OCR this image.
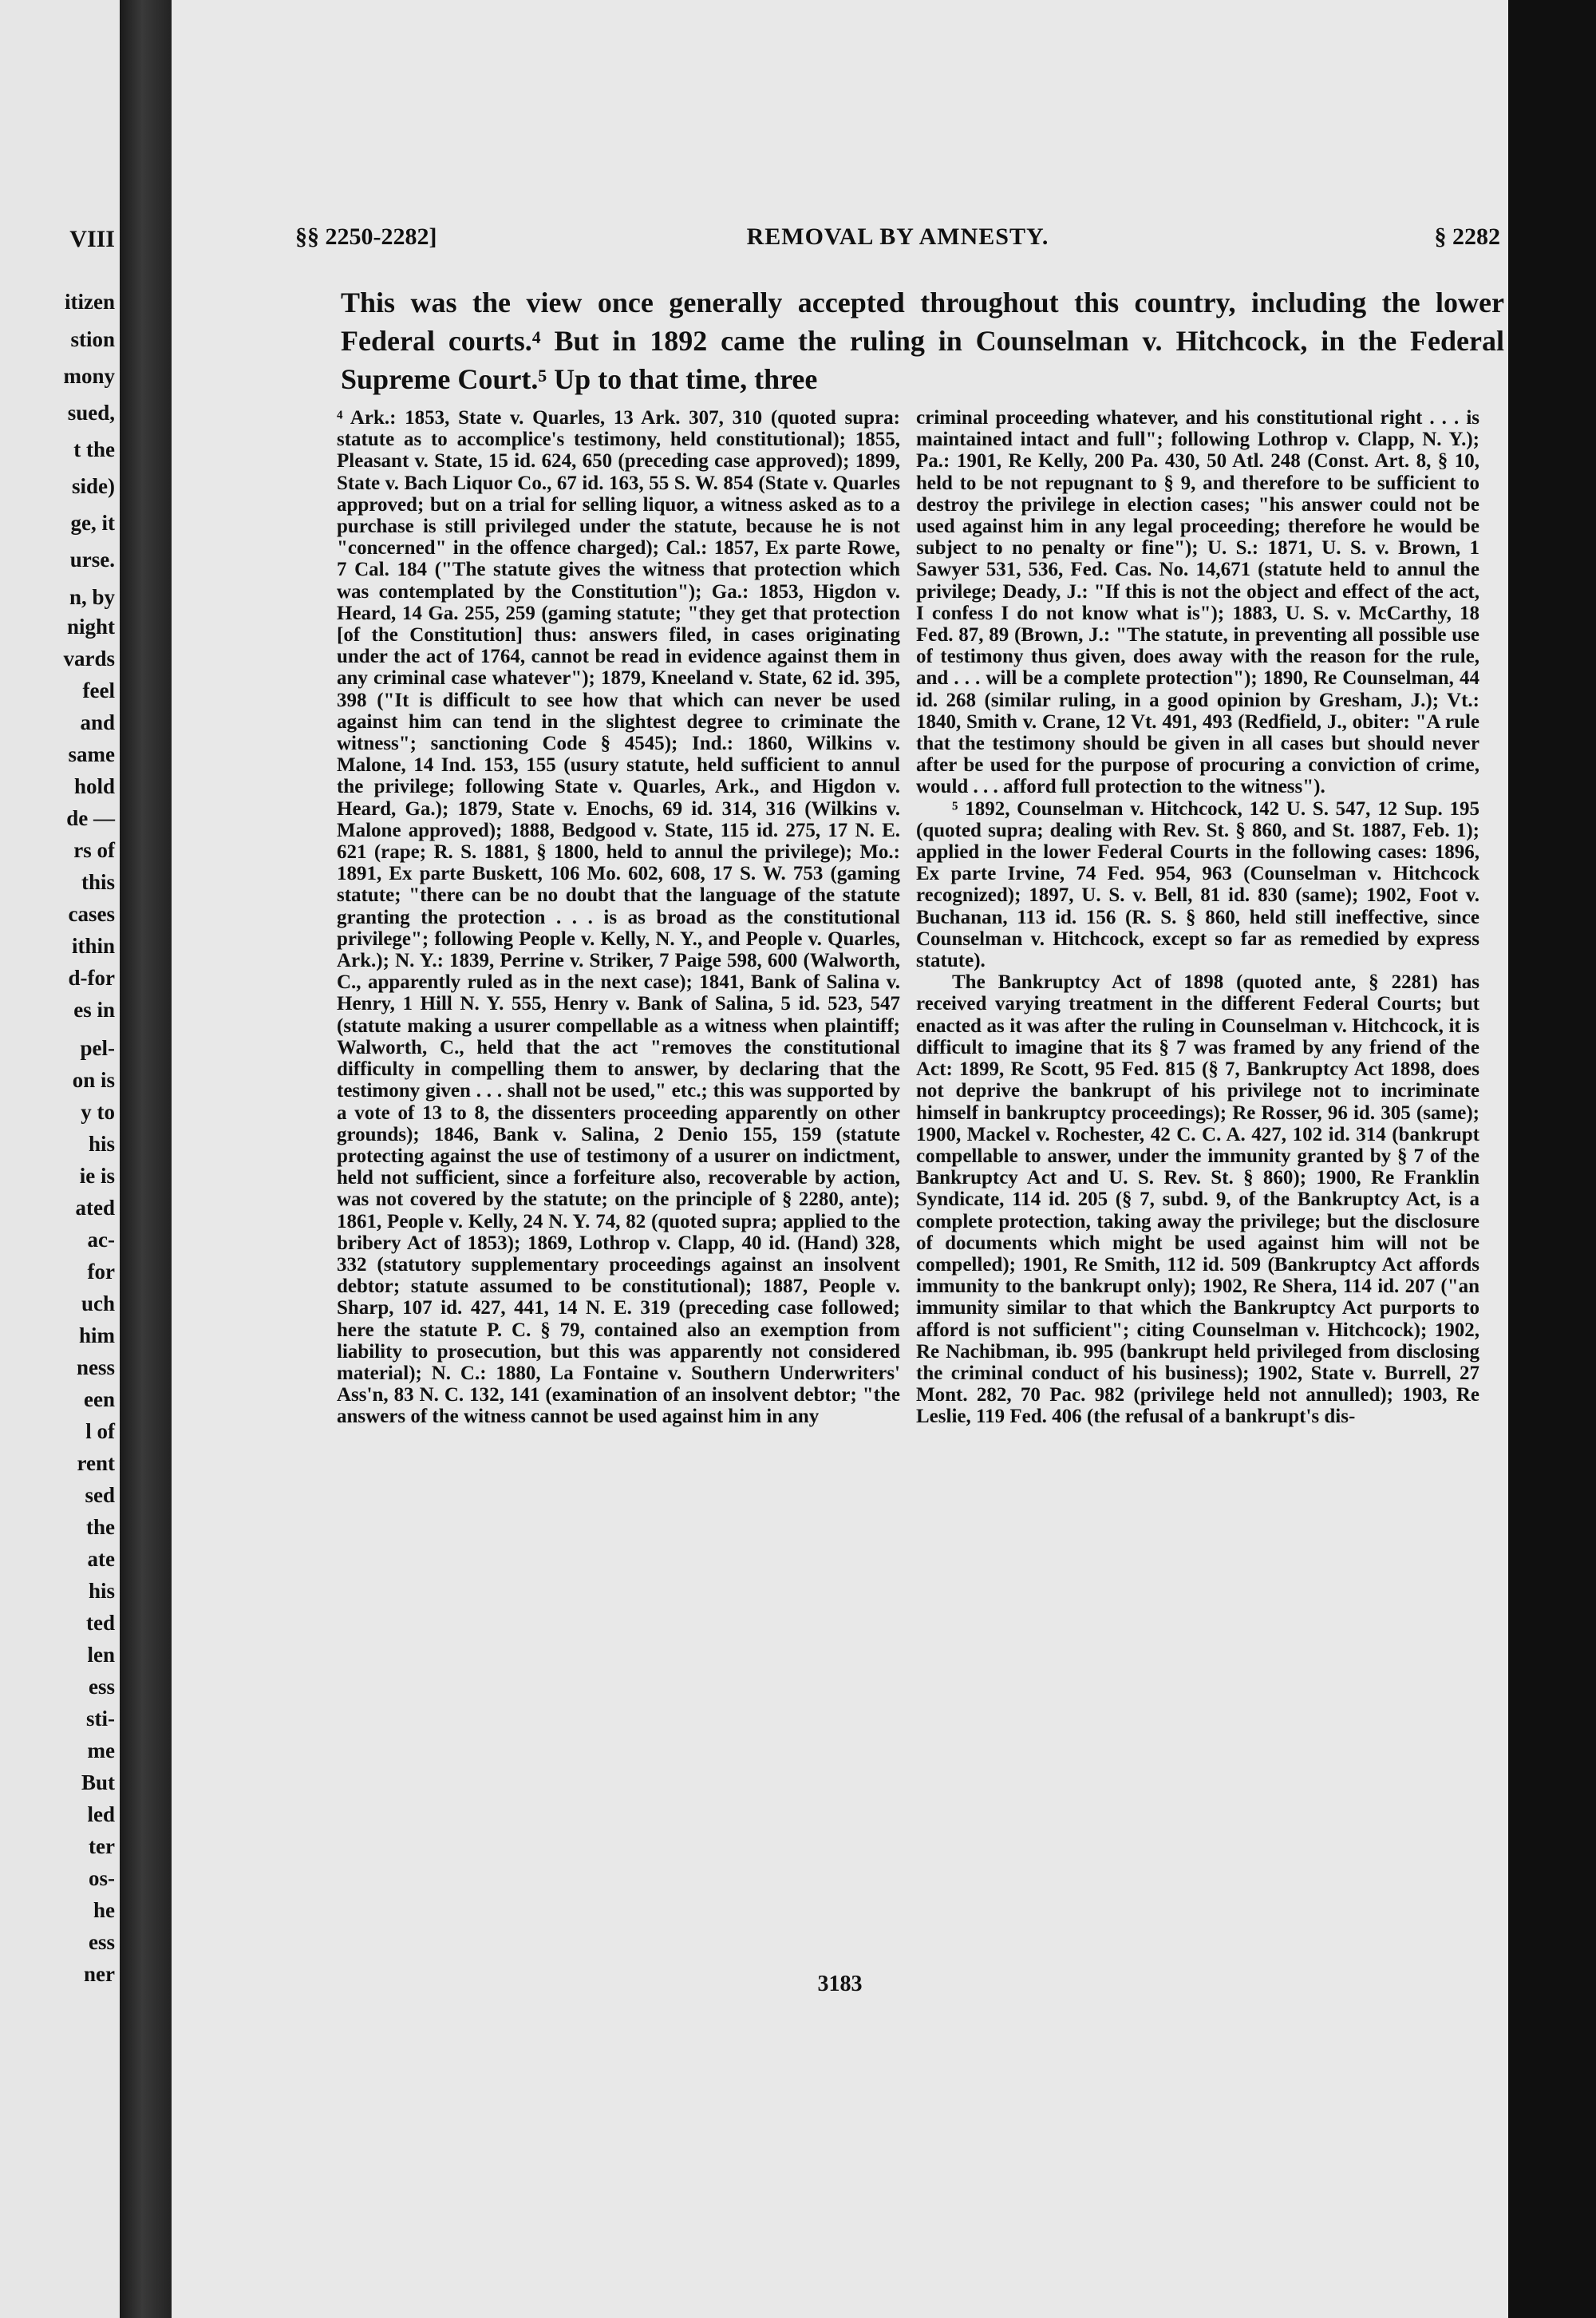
VIII
itizen
stion
mony
sued,
t the
side)
ge, it
urse.
n, by
night
vards
feel
and
same
hold
de —
rs of
this
cases
ithin
d-for
es in
pel-
on is
y to
his
ie is
ated
ac-
for
uch
him
ness
een
l of
rent
sed
the
ate
his
ted
len
ess
sti-
me
But
led
ter
os-
he
ess
ner
§§ 2250-2282]	REMOVAL BY AMNESTY.	§ 2282
This was the view once generally accepted throughout this country, including the lower Federal courts.⁴ But in 1892 came the ruling in Counselman v. Hitchcock, in the Federal Supreme Court.⁵ Up to that time, three

⁴ Ark.: 1853, State v. Quarles, 13 Ark. 307, 310 (quoted supra: statute as to accomplice's testimony, held constitutional); 1855, Pleasant v. State, 15 id. 624, 650 (preceding case approved); 1899, State v. Bach Liquor Co., 67 id. 163, 55 S. W. 854 (State v. Quarles approved; but on a trial for selling liquor, a witness asked as to a purchase is still privileged under the statute, because he is not "concerned" in the offence charged); Cal.: 1857, Ex parte Rowe, 7 Cal. 184 ("The statute gives the witness that protection which was contemplated by the Constitution"); Ga.: 1853, Higdon v. Heard, 14 Ga. 255, 259 (gaming statute; "they get that protection [of the Constitution] thus: answers filed, in cases originating under the act of 1764, cannot be read in evidence against them in any criminal case whatever"); 1879, Kneeland v. State, 62 id. 395, 398 ("It is difficult to see how that which can never be used against him can tend in the slightest degree to criminate the witness"; sanctioning Code § 4545); Ind.: 1860, Wilkins v. Malone, 14 Ind. 153, 155 (usury statute, held sufficient to annul the privilege; following State v. Quarles, Ark., and Higdon v. Heard, Ga.); 1879, State v. Enochs, 69 id. 314, 316 (Wilkins v. Malone approved); 1888, Bedgood v. State, 115 id. 275, 17 N. E. 621 (rape; R. S. 1881, § 1800, held to annul the privilege); Mo.: 1891, Ex parte Buskett, 106 Mo. 602, 608, 17 S. W. 753 (gaming statute; "there can be no doubt that the language of the statute granting the protection . . . is as broad as the constitutional privilege"; following People v. Kelly, N. Y., and People v. Quarles, Ark.); N. Y.: 1839, Perrine v. Striker, 7 Paige 598, 600 (Walworth, C., apparently ruled as in the next case); 1841, Bank of Salina v. Henry, 1 Hill N. Y. 555, Henry v. Bank of Salina, 5 id. 523, 547 (statute making a usurer compellable as a witness when plaintiff; Walworth, C., held that the act "removes the constitutional difficulty in compelling them to answer, by declaring that the testimony given . . . shall not be used," etc.; this was supported by a vote of 13 to 8, the dissenters proceeding apparently on other grounds); 1846, Bank v. Salina, 2 Denio 155, 159 (statute protecting against the use of testimony of a usurer on indictment, held not sufficient, since a forfeiture also, recoverable by action, was not covered by the statute; on the principle of § 2280, ante); 1861, People v. Kelly, 24 N. Y. 74, 82 (quoted supra; applied to the bribery Act of 1853); 1869, Lothrop v. Clapp, 40 id. (Hand) 328, 332 (statutory supplementary proceedings against an insolvent debtor; statute assumed to be constitutional); 1887, People v. Sharp, 107 id. 427, 441, 14 N. E. 319 (preceding case followed; here the statute P. C. § 79, contained also an exemption from liability to prosecution, but this was apparently not considered material); N. C.: 1880, La Fontaine v. Southern Underwriters' Ass'n, 83 N. C. 132, 141 (examination of an insolvent debtor; "the answers of the witness cannot be used against him in any

criminal proceeding whatever, and his constitutional right . . . is maintained intact and full"; following Lothrop v. Clapp, N. Y.); Pa.: 1901, Re Kelly, 200 Pa. 430, 50 Atl. 248 (Const. Art. 8, § 10, held to be not repugnant to § 9, and therefore to be sufficient to destroy the privilege in election cases; "his answer could not be used against him in any legal proceeding; therefore he would be subject to no penalty or fine"); U. S.: 1871, U. S. v. Brown, 1 Sawyer 531, 536, Fed. Cas. No. 14,671 (statute held to annul the privilege; Deady, J.: "If this is not the object and effect of the act, I confess I do not know what is"); 1883, U. S. v. McCarthy, 18 Fed. 87, 89 (Brown, J.: "The statute, in preventing all possible use of testimony thus given, does away with the reason for the rule, and . . . will be a complete protection"); 1890, Re Counselman, 44 id. 268 (similar ruling, in a good opinion by Gresham, J.); Vt.: 1840, Smith v. Crane, 12 Vt. 491, 493 (Redfield, J., obiter: "A rule that the testimony should be given in all cases but should never after be used for the purpose of procuring a conviction of crime, would . . . afford full protection to the witness").

⁵ 1892, Counselman v. Hitchcock, 142 U. S. 547, 12 Sup. 195 (quoted supra; dealing with Rev. St. § 860, and St. 1887, Feb. 1); applied in the lower Federal Courts in the following cases: 1896, Ex parte Irvine, 74 Fed. 954, 963 (Counselman v. Hitchcock recognized); 1897, U. S. v. Bell, 81 id. 830 (same); 1902, Foot v. Buchanan, 113 id. 156 (R. S. § 860, held still ineffective, since Counselman v. Hitchcock, except so far as remedied by express statute).

The Bankruptcy Act of 1898 (quoted ante, § 2281) has received varying treatment in the different Federal Courts; but enacted as it was after the ruling in Counselman v. Hitchcock, it is difficult to imagine that its § 7 was framed by any friend of the Act: 1899, Re Scott, 95 Fed. 815 (§ 7, Bankruptcy Act 1898, does not deprive the bankrupt of his privilege not to incriminate himself in bankruptcy proceedings); Re Rosser, 96 id. 305 (same); 1900, Mackel v. Rochester, 42 C. C. A. 427, 102 id. 314 (bankrupt compellable to answer, under the immunity granted by § 7 of the Bankruptcy Act and U. S. Rev. St. § 860); 1900, Re Franklin Syndicate, 114 id. 205 (§ 7, subd. 9, of the Bankruptcy Act, is a complete protection, taking away the privilege; but the disclosure of documents which might be used against him will not be compelled); 1901, Re Smith, 112 id. 509 (Bankruptcy Act affords immunity to the bankrupt only); 1902, Re Shera, 114 id. 207 ("an immunity similar to that which the Bankruptcy Act purports to afford is not sufficient"; citing Counselman v. Hitchcock); 1902, Re Nachibman, ib. 995 (bankrupt held privileged from disclosing the criminal conduct of his business); 1902, State v. Burrell, 27 Mont. 282, 70 Pac. 982 (privilege held not annulled); 1903, Re Leslie, 119 Fed. 406 (the refusal of a bankrupt's dis-

3183
